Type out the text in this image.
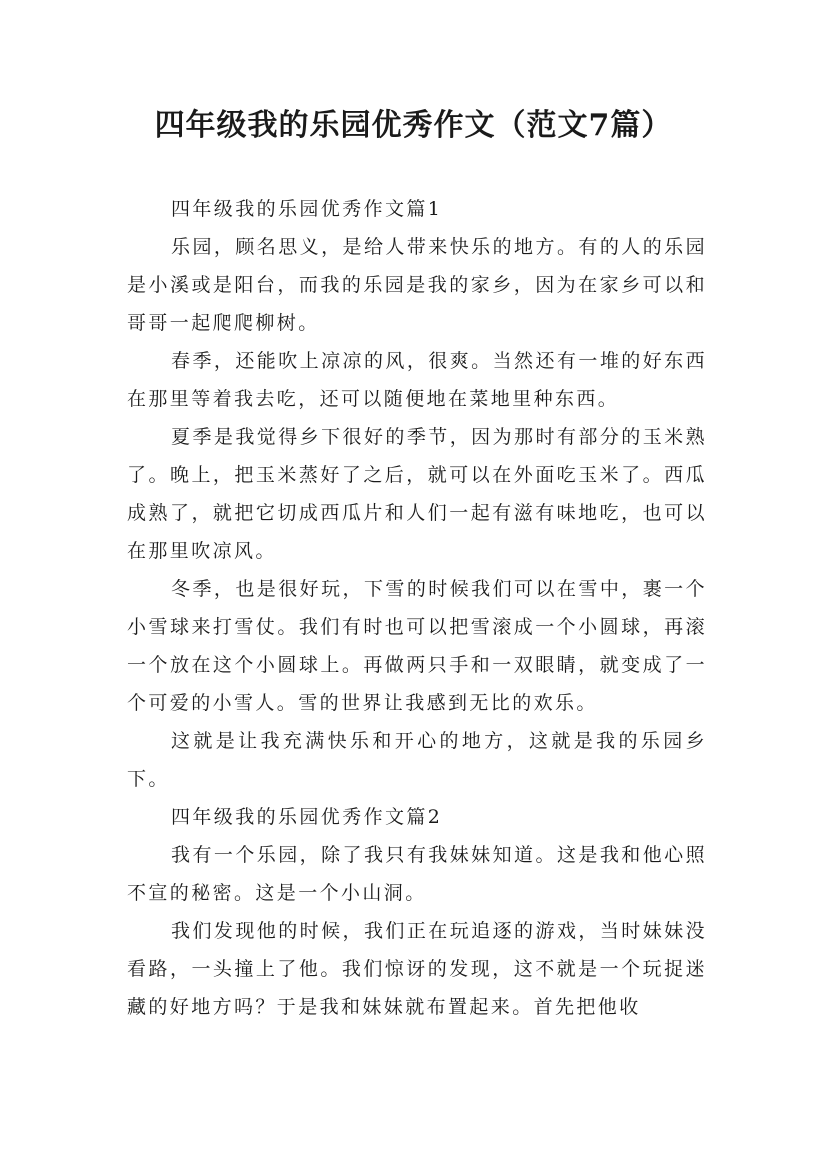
四年级我的乐园优秀作文（范文7篇）

四年级我的乐园优秀作文篇1

乐园，顾名思义，是给人带来快乐的地方。有的人的乐园是小溪或是阳台，而我的乐园是我的家乡，因为在家乡可以和哥哥一起爬爬柳树。

春季，还能吹上凉凉的风，很爽。当然还有一堆的好东西在那里等着我去吃，还可以随便地在菜地里种东西。

夏季是我觉得乡下很好的季节，因为那时有部分的玉米熟了。晚上，把玉米蒸好了之后，就可以在外面吃玉米了。西瓜成熟了，就把它切成西瓜片和人们一起有滋有味地吃，也可以在那里吹凉风。

冬季，也是很好玩，下雪的时候我们可以在雪中，裹一个小雪球来打雪仗。我们有时也可以把雪滚成一个小圆球，再滚一个放在这个小圆球上。再做两只手和一双眼睛，就变成了一个可爱的小雪人。雪的世界让我感到无比的欢乐。

这就是让我充满快乐和开心的地方，这就是我的乐园乡下。

四年级我的乐园优秀作文篇2

我有一个乐园，除了我只有我妹妹知道。这是我和他心照不宣的秘密。这是一个小山洞。

我们发现他的时候，我们正在玩追逐的游戏，当时妹妹没看路，一头撞上了他。我们惊讶的发现，这不就是一个玩捉迷藏的好地方吗？于是我和妹妹就布置起来。首先把他收
